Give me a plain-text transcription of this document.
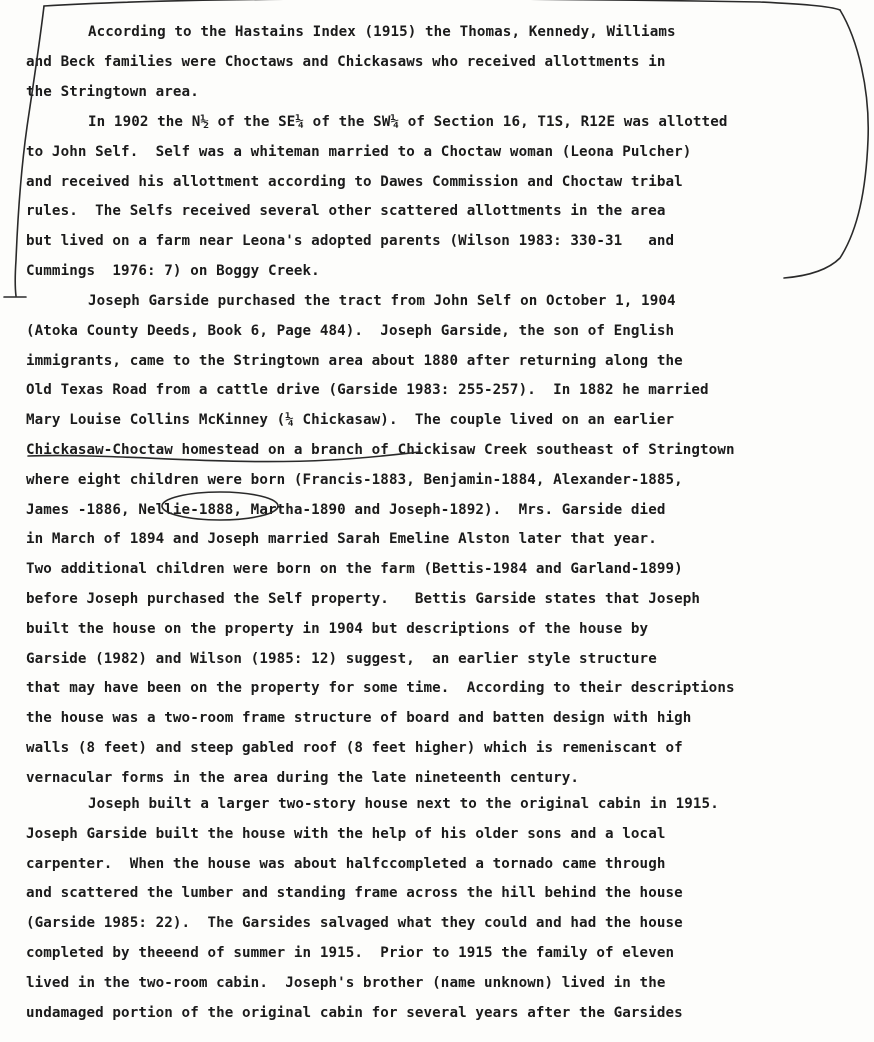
According to the Hastains Index (1915) the Thomas, Kennedy, Williams
and Beck families were Choctaws and Chickasaws who received allottments in
the Stringtown area.
In 1902 the N½ of the SE¼ of the SW¼ of Section 16, T1S, R12E was allotted
to John Self.  Self was a whiteman married to a Choctaw woman (Leona Pulcher)
and received his allottment according to Dawes Commission and Choctaw tribal
rules.  The Selfs received several other scattered allottments in the area
but lived on a farm near Leona's adopted parents (Wilson 1983: 330-31   and
Cummings  1976: 7) on Boggy Creek.
Joseph Garside purchased the tract from John Self on October 1, 1904
(Atoka County Deeds, Book 6, Page 484).  Joseph Garside, the son of English
immigrants, came to the Stringtown area about 1880 after returning along the
Old Texas Road from a cattle drive (Garside 1983: 255-257).  In 1882 he married
Mary Louise Collins McKinney (¼ Chickasaw).  The couple lived on an earlier
Chickasaw-Choctaw homestead on a branch of Chickisaw Creek southeast of Stringtown
where eight children were born (Francis-1883, Benjamin-1884, Alexander-1885,
James -1886, Nellie-1888, Martha-1890 and Joseph-1892).  Mrs. Garside died
in March of 1894 and Joseph married Sarah Emeline Alston later that year.
Two additional children were born on the farm (Bettis-1984 and Garland-1899)
before Joseph purchased the Self property.   Bettis Garside states that Joseph
built the house on the property in 1904 but descriptions of the house by
Garside (1982) and Wilson (1985: 12) suggest,  an earlier style structure
that may have been on the property for some time.  According to their descriptions
the house was a two-room frame structure of board and batten design with high
walls (8 feet) and steep gabled roof (8 feet higher) which is remeniscant of
vernacular forms in the area during the late nineteenth century.
Joseph built a larger two-story house next to the original cabin in 1915.
Joseph Garside built the house with the help of his older sons and a local
carpenter.  When the house was about halfccompleted a tornado came through
and scattered the lumber and standing frame across the hill behind the house
(Garside 1985: 22).  The Garsides salvaged what they could and had the house
completed by theeend of summer in 1915.  Prior to 1915 the family of eleven
lived in the two-room cabin.  Joseph's brother (name unknown) lived in the
undamaged portion of the original cabin for several years after the Garsides
